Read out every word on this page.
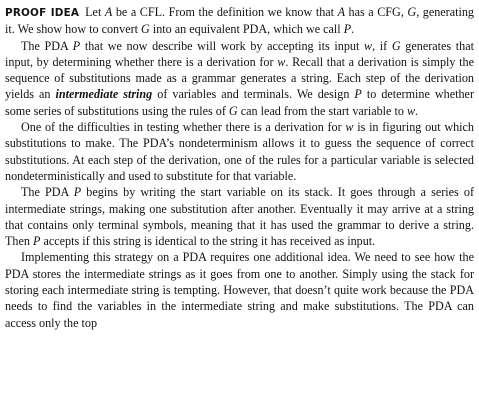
PROOF IDEA Let A be a CFL. From the definition we know that A has a CFG, G, generating it. We show how to convert G into an equivalent PDA, which we call P.

The PDA P that we now describe will work by accepting its input w, if G generates that input, by determining whether there is a derivation for w. Recall that a derivation is simply the sequence of substitutions made as a grammar generates a string. Each step of the derivation yields an intermediate string of variables and terminals. We design P to determine whether some series of substitutions using the rules of G can lead from the start variable to w.

One of the difficulties in testing whether there is a derivation for w is in figuring out which substitutions to make. The PDA’s nondeterminism allows it to guess the sequence of correct substitutions. At each step of the derivation, one of the rules for a particular variable is selected nondeterministically and used to substitute for that variable.

The PDA P begins by writing the start variable on its stack. It goes through a series of intermediate strings, making one substitution after another. Eventually it may arrive at a string that contains only terminal symbols, meaning that it has used the grammar to derive a string. Then P accepts if this string is identical to the string it has received as input.

Implementing this strategy on a PDA requires one additional idea. We need to see how the PDA stores the intermediate strings as it goes from one to another. Simply using the stack for storing each intermediate string is tempting. However, that doesn’t quite work because the PDA needs to find the variables in the intermediate string and make substitutions. The PDA can access only the top
